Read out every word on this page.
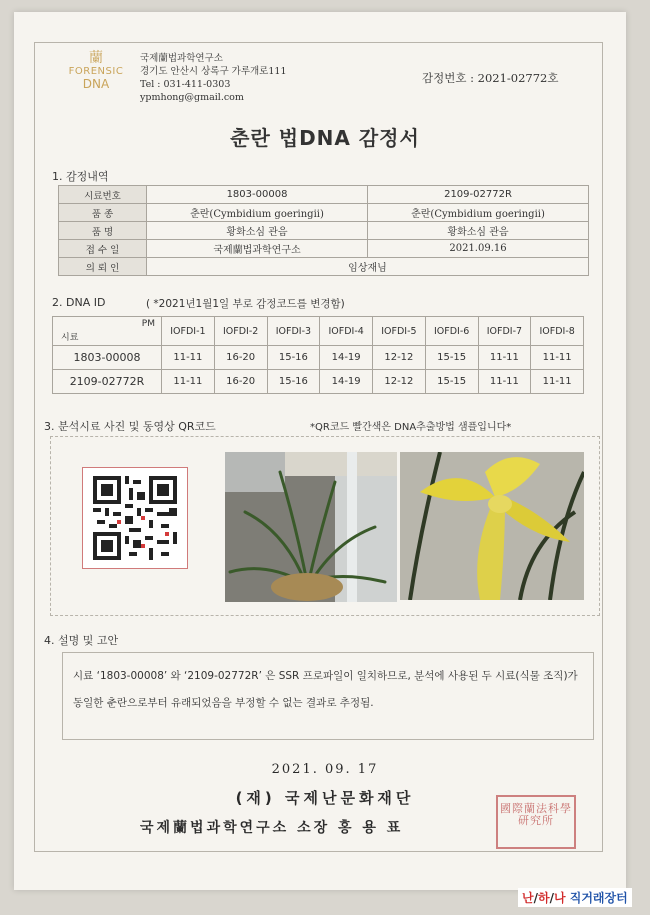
蘭
FORENSIC
DNA
국제蘭법과학연구소
경기도 안산시 상록구 가루개로111
Tel : 031-411-0303
ypmhong@gmail.com
감정번호 : 2021-02772호
춘란 법DNA 감정서
1. 감정내역
시료번호	1803-00008	2109-02772R
품 종	춘란(Cymbidium goeringii)	춘란(Cymbidium goeringii)
품 명	황화소심 관음	황화소심 관음
접 수 일	국제蘭법과학연구소	2021.09.16
의 뢰 인	임상재님	
2. DNA ID	( *2021년1월1일 부로 감정코드를 변경함)
PM
시료	IOFDI-1	IOFDI-2	IOFDI-3	IOFDI-4	IOFDI-5	IOFDI-6	IOFDI-7	IOFDI-8
1803-00008	11-11	16-20	15-16	14-19	12-12	15-15	11-11	11-11
2109-02772R	11-11	16-20	15-16	14-19	12-12	15-15	11-11	11-11
3. 분석시료 사진 및 동영상 QR코드	*QR코드 빨간색은 DNA추출방법 샘플입니다*
4. 설명 및 고안

시료 ‘1803-00008’ 와 ‘2109-02772R’ 은 SSR 프로파일이 일치하므로, 분석에 사용된 두 시료(식물 조직)가 동일한 춘란으로부터 유래되었음을 부정할 수 없는 결과로 추정됨.

2021. 09. 17
(재) 국제난문화재단
국제蘭법과학연구소 소장 홍 용 표
國際蘭法科學研究所
난/하/나 직거래장터
